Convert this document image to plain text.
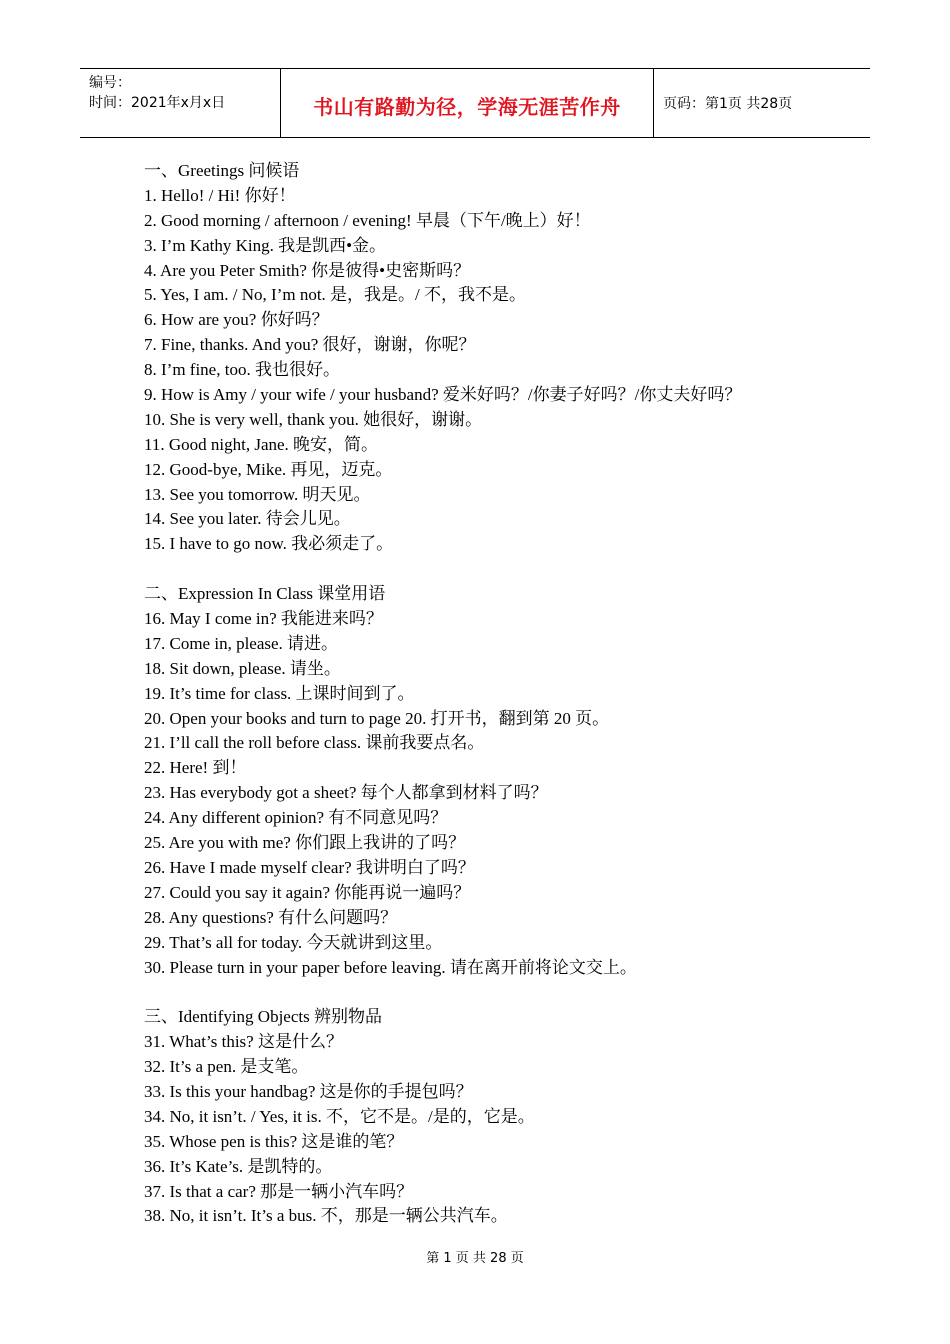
编号：
时间：2021年x月x日	书山有路勤为径，学海无涯苦作舟	页码：第1页 共28页
一、Greetings 问候语
1. Hello! / Hi! 你好！
2. Good morning / afternoon / evening! 早晨（下午/晚上）好！
3. I’m Kathy King. 我是凯西•金。
4. Are you Peter Smith? 你是彼得•史密斯吗？
5. Yes, I am. / No, I’m not. 是，我是。/ 不，我不是。
6. How are you? 你好吗？
7. Fine, thanks. And you? 很好，谢谢，你呢？
8. I’m fine, too. 我也很好。
9. How is Amy / your wife / your husband? 爱米好吗？/你妻子好吗？/你丈夫好吗？
10. She is very well, thank you. 她很好，谢谢。
11. Good night, Jane. 晚安，简。
12. Good-bye, Mike. 再见，迈克。
13. See you tomorrow. 明天见。
14. See you later. 待会儿见。
15. I have to go now. 我必须走了。
二、Expression In Class 课堂用语
16. May I come in? 我能进来吗？
17. Come in, please. 请进。
18. Sit down, please. 请坐。
19. It’s time for class. 上课时间到了。
20. Open your books and turn to page 20. 打开书，翻到第 20 页。
21. I’ll call the roll before class. 课前我要点名。
22. Here! 到！
23. Has everybody got a sheet? 每个人都拿到材料了吗？
24. Any different opinion? 有不同意见吗？
25. Are you with me? 你们跟上我讲的了吗？
26. Have I made myself clear? 我讲明白了吗？
27. Could you say it again? 你能再说一遍吗？
28. Any questions? 有什么问题吗？
29. That’s all for today. 今天就讲到这里。
30. Please turn in your paper before leaving. 请在离开前将论文交上。
三、Identifying Objects 辨别物品
31. What’s this? 这是什么？
32. It’s a pen. 是支笔。
33. Is this your handbag? 这是你的手提包吗？
34. No, it isn’t. / Yes, it is. 不，它不是。/是的，它是。
35. Whose pen is this? 这是谁的笔？
36. It’s Kate’s. 是凯特的。
37. Is that a car? 那是一辆小汽车吗？
38. No, it isn’t. It’s a bus. 不，那是一辆公共汽车。
第 1 页 共 28 页
